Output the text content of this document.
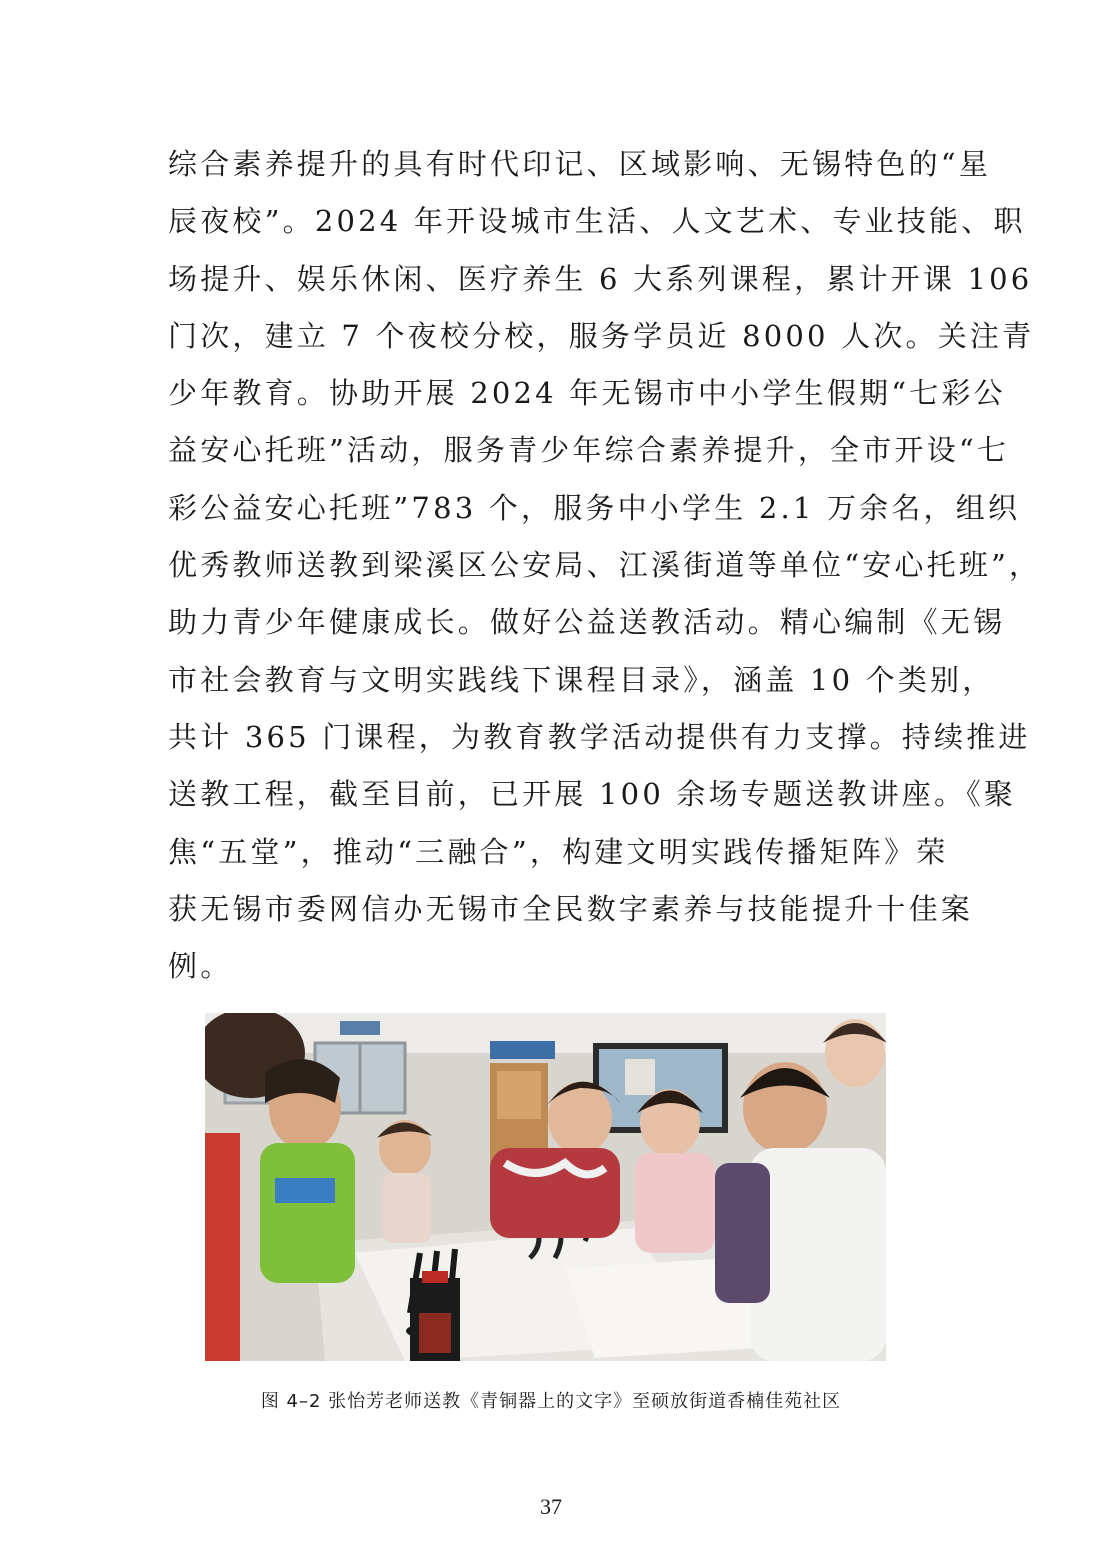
综合素养提升的具有时代印记、区域影响、无锡特色的“星
辰夜校”。2024 年开设城市生活、人文艺术、专业技能、职
场提升、娱乐休闲、医疗养生 6 大系列课程，累计开课 106
门次，建立 7 个夜校分校，服务学员近 8000 人次。关注青
少年教育。协助开展 2024 年无锡市中小学生假期“七彩公
益安心托班”活动，服务青少年综合素养提升，全市开设“七
彩公益安心托班”783 个，服务中小学生 2.1 万余名，组织
优秀教师送教到梁溪区公安局、江溪街道等单位“安心托班”，
助力青少年健康成长。做好公益送教活动。精心编制《无锡
市社会教育与文明实践线下课程目录》，涵盖 10 个类别，
共计 365 门课程，为教育教学活动提供有力支撑。持续推进
送教工程，截至目前，已开展 100 余场专题送教讲座。《聚
焦“五堂”，推动“三融合”，构建文明实践传播矩阵》荣
获无锡市委网信办无锡市全民数字素养与技能提升十佳案
例。
图 4–2 张怡芳老师送教《青铜器上的文字》至硕放街道香楠佳苑社区
37
